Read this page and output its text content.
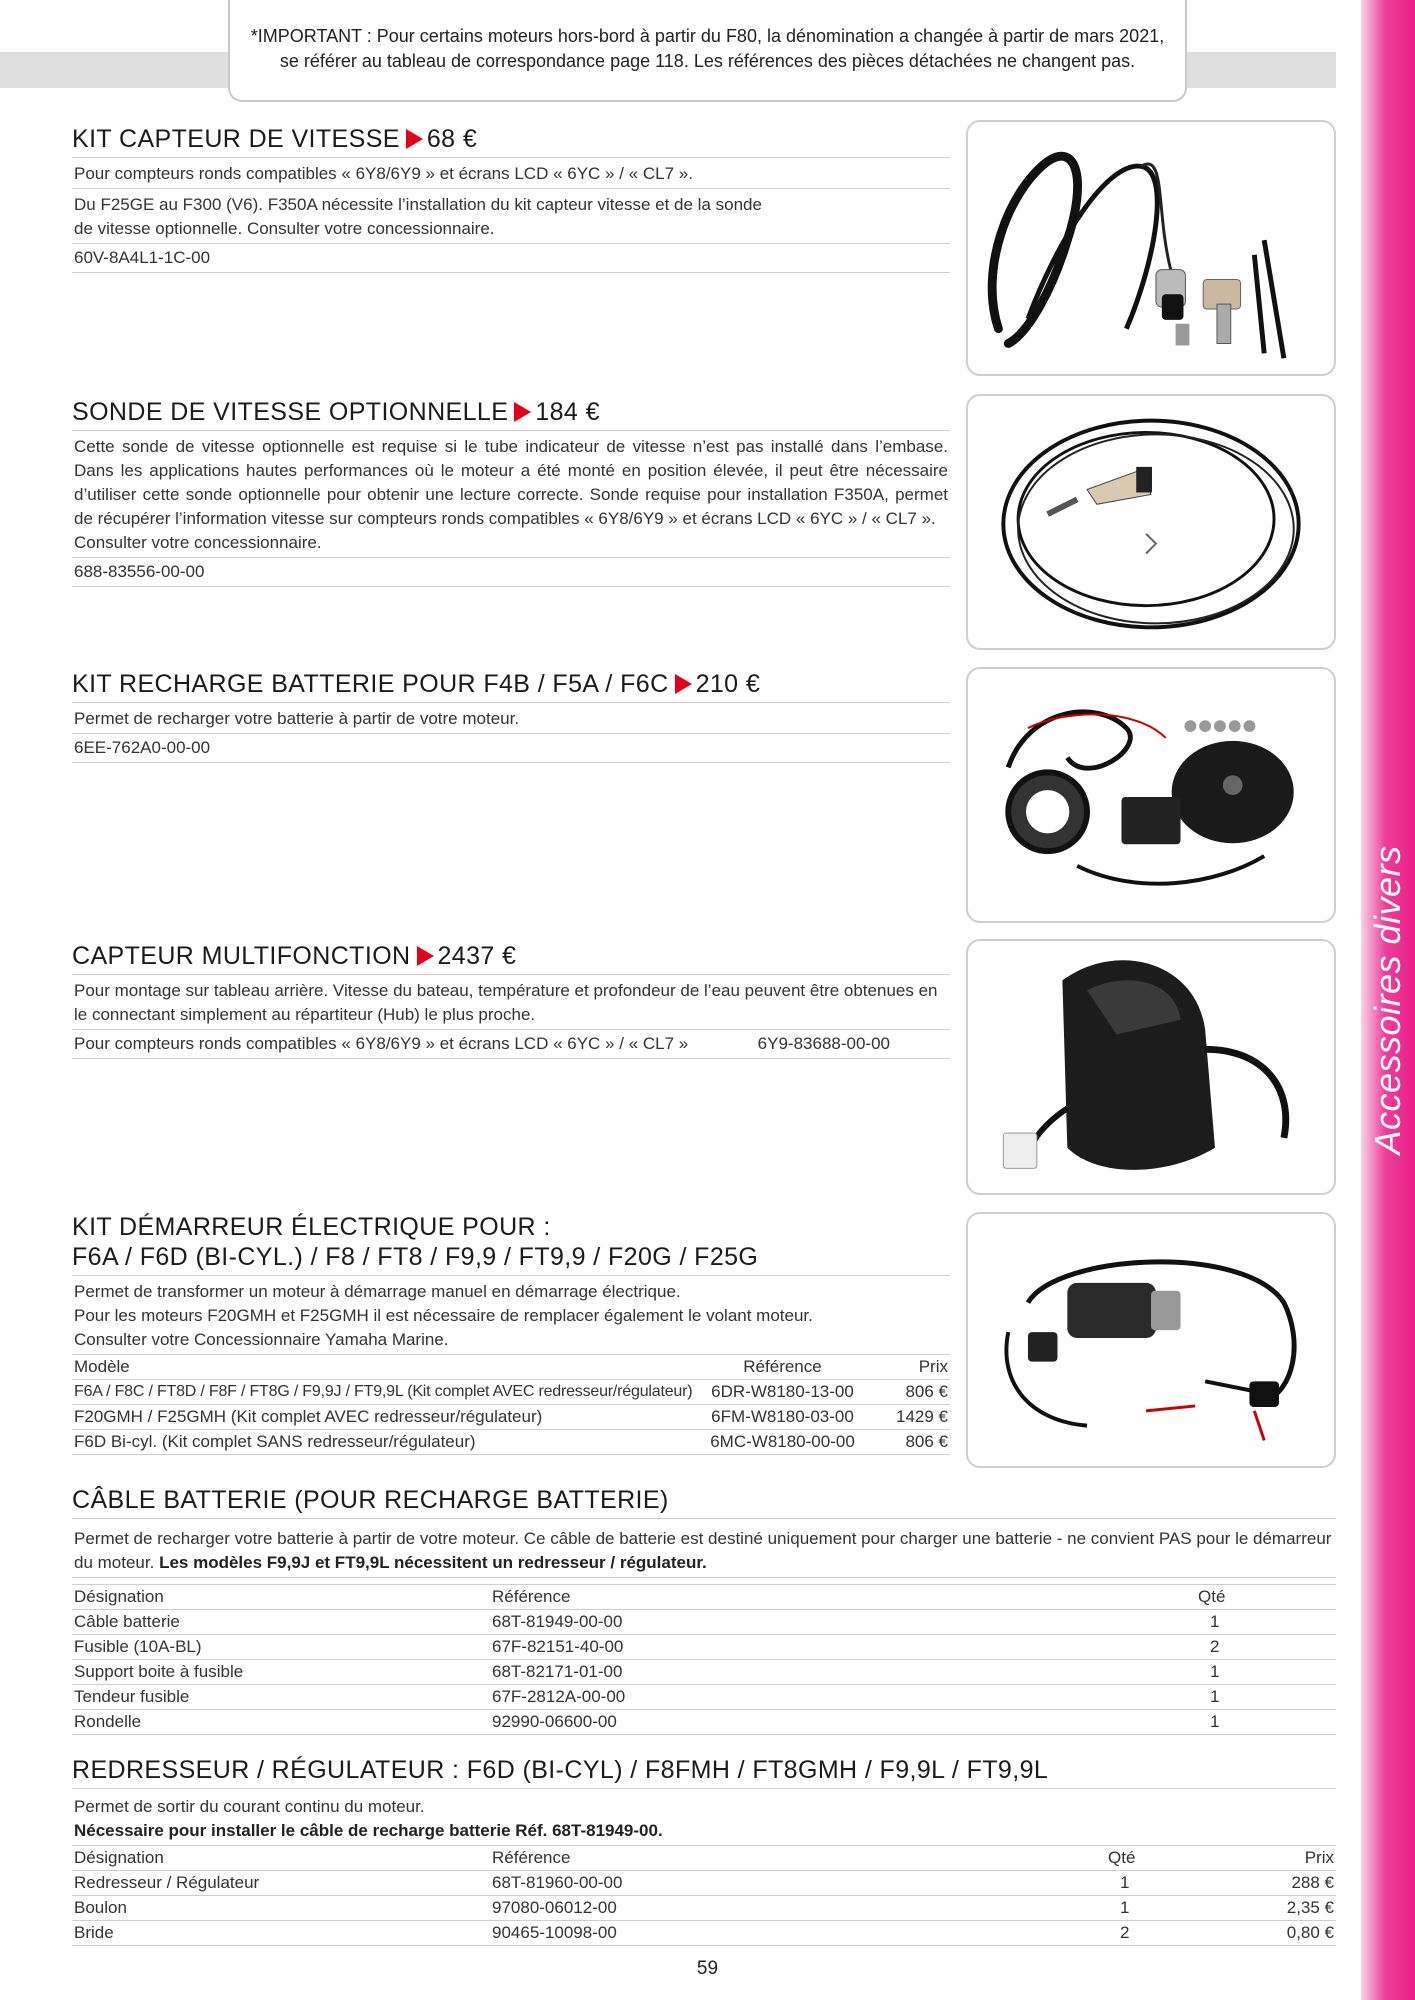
*IMPORTANT : Pour certains moteurs hors-bord à partir du F80, la dénomination a changée à partir de mars 2021,
se référer au tableau de correspondance page 118. Les références des pièces détachées ne changent pas.
Accessoires divers
KIT CAPTEUR DE VITESSE 68 €
Pour compteurs ronds compatibles « 6Y8/6Y9 » et écrans LCD « 6YC » / « CL7 ».
Du F25GE au F300 (V6). F350A nécessite l’installation du kit capteur vitesse et de la sonde
de vitesse optionnelle. Consulter votre concessionnaire.
60V-8A4L1-1C-00
SONDE DE VITESSE OPTIONNELLE 184 €
Cette sonde de vitesse optionnelle est requise si le tube indicateur de vitesse n’est pas installé dans l’embase. Dans les applications hautes performances où le moteur a été monté en position élevée, il peut être nécessaire d’utiliser cette sonde optionnelle pour obtenir une lecture correcte. Sonde requise pour installation F350A, permet de récupérer l’information vitesse sur compteurs ronds compatibles « 6Y8/6Y9 » et écrans LCD « 6YC » / « CL7 ».
Consulter votre concessionnaire.
688-83556-00-00
KIT RECHARGE BATTERIE POUR F4B / F5A / F6C 210 €
Permet de recharger votre batterie à partir de votre moteur.
6EE-762A0-00-00
CAPTEUR MULTIFONCTION 2437 €
Pour montage sur tableau arrière. Vitesse du bateau, température et profondeur de l’eau peuvent être obtenues en le connectant simplement au répartiteur (Hub) le plus proche.
Pour compteurs ronds compatibles « 6Y8/6Y9 » et écrans LCD « 6YC » / « CL7 »	6Y9-83688-00-00
KIT DÉMARREUR ÉLECTRIQUE POUR :
F6A / F6D (BI-CYL.) / F8 / FT8 / F9,9 / FT9,9 / F20G / F25G
Permet de transformer un moteur à démarrage manuel en démarrage électrique.
Pour les moteurs F20GMH et F25GMH il est nécessaire de remplacer également le volant moteur.
Consulter votre Concessionnaire Yamaha Marine.
Modèle	Référence	Prix
F6A / F8C / FT8D / F8F / FT8G / F9,9J / FT9,9L (Kit complet AVEC redresseur/régulateur)	6DR-W8180-13-00	806 €
F20GMH / F25GMH (Kit complet AVEC redresseur/régulateur)	6FM-W8180-03-00	1429 €
F6D Bi-cyl. (Kit complet SANS redresseur/régulateur)	6MC-W8180-00-00	806 €
CÂBLE BATTERIE (POUR RECHARGE BATTERIE)
Permet de recharger votre batterie à partir de votre moteur. Ce câble de batterie est destiné uniquement pour charger une batterie - ne convient PAS pour le démarreur du moteur. Les modèles F9,9J et FT9,9L nécessitent un redresseur / régulateur.
Désignation	Référence	Qté
Câble batterie	68T-81949-00-00	1
Fusible (10A-BL)	67F-82151-40-00	2
Support boite à fusible	68T-82171-01-00	1
Tendeur fusible	67F-2812A-00-00	1
Rondelle	92990-06600-00	1
REDRESSEUR / RÉGULATEUR : F6D (BI-CYL) / F8FMH / FT8GMH / F9,9L / FT9,9L
Permet de sortir du courant continu du moteur.
Nécessaire pour installer le câble de recharge batterie Réf. 68T-81949-00.
Désignation	Référence	Qté	Prix
Redresseur / Régulateur	68T-81960-00-00	1	288 €
Boulon	97080-06012-00	1	2,35 €
Bride	90465-10098-00	2	0,80 €
59
